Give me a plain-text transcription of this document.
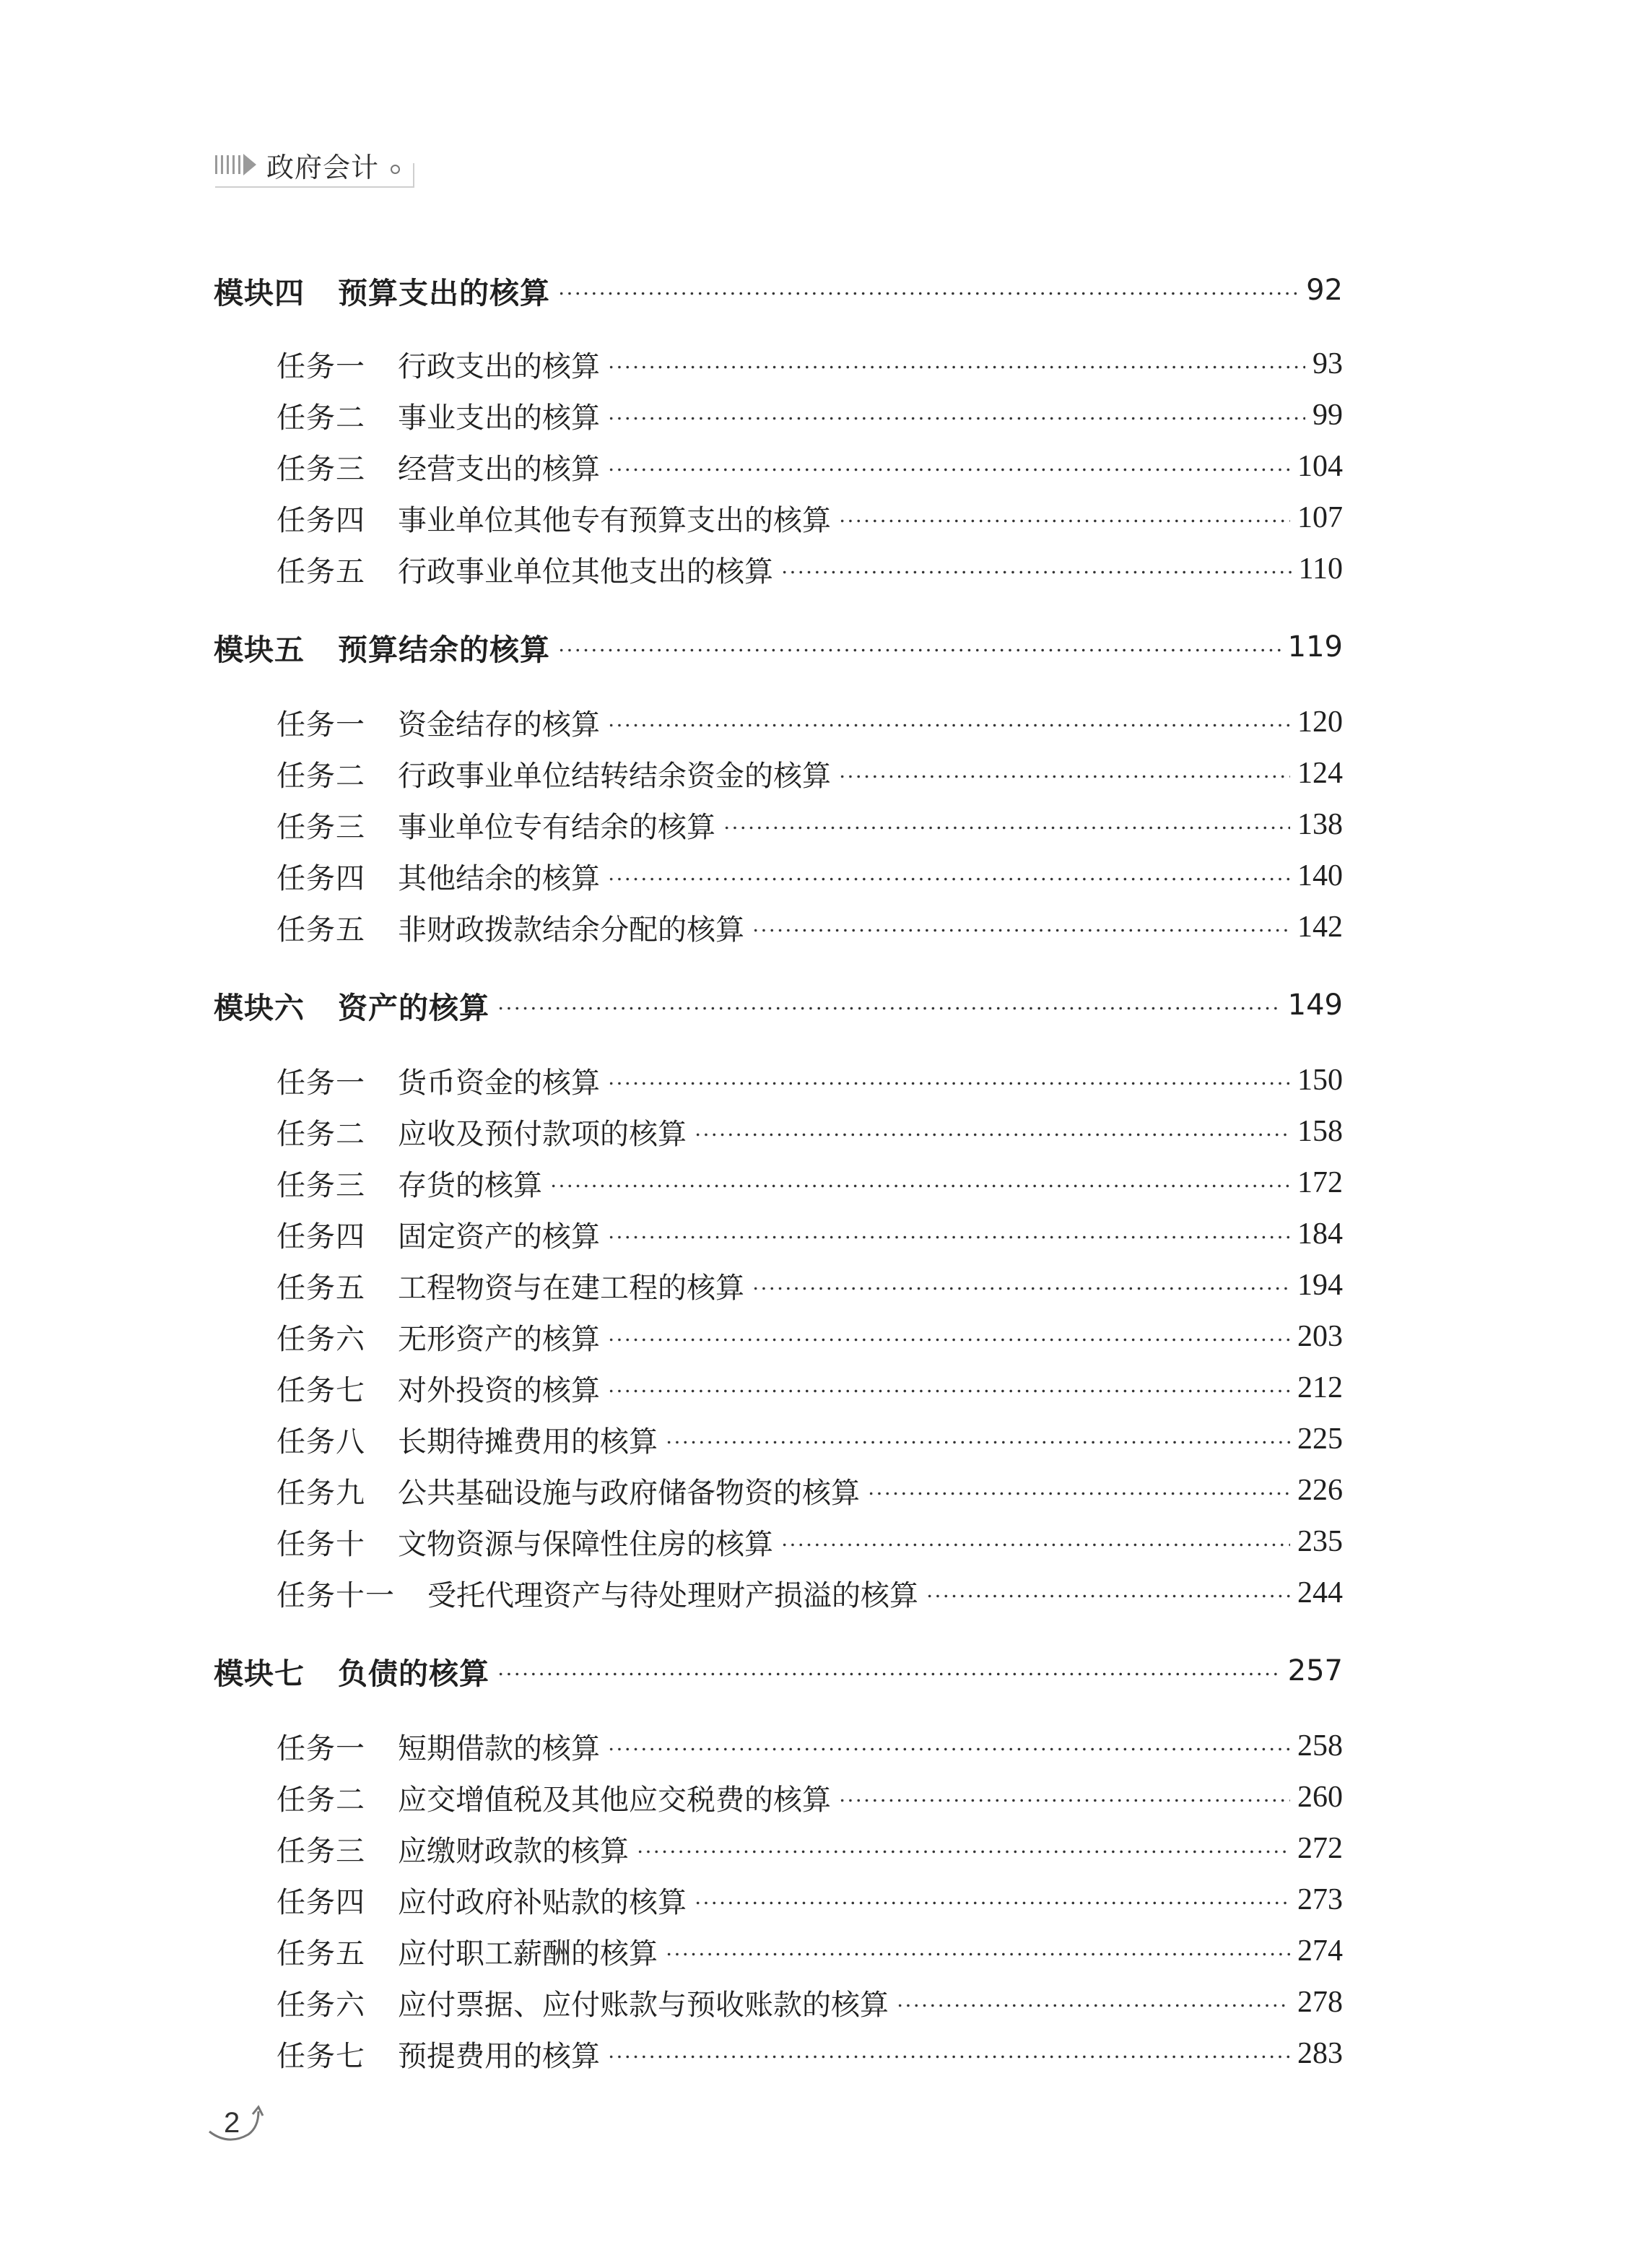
政府会计
模块四 预算支出的核算	92
任务一 行政支出的核算	93
任务二 事业支出的核算	99
任务三 经营支出的核算	104
任务四 事业单位其他专有预算支出的核算	107
任务五 行政事业单位其他支出的核算	110
模块五 预算结余的核算	119
任务一 资金结存的核算	120
任务二 行政事业单位结转结余资金的核算	124
任务三 事业单位专有结余的核算	138
任务四 其他结余的核算	140
任务五 非财政拨款结余分配的核算	142
模块六 资产的核算	149
任务一 货币资金的核算	150
任务二 应收及预付款项的核算	158
任务三 存货的核算	172
任务四 固定资产的核算	184
任务五 工程物资与在建工程的核算	194
任务六 无形资产的核算	203
任务七 对外投资的核算	212
任务八 长期待摊费用的核算	225
任务九 公共基础设施与政府储备物资的核算	226
任务十 文物资源与保障性住房的核算	235
任务十一 受托代理资产与待处理财产损溢的核算	244
模块七 负债的核算	257
任务一 短期借款的核算	258
任务二 应交增值税及其他应交税费的核算	260
任务三 应缴财政款的核算	272
任务四 应付政府补贴款的核算	273
任务五 应付职工薪酬的核算	274
任务六 应付票据、应付账款与预收账款的核算	278
任务七 预提费用的核算	283
2
